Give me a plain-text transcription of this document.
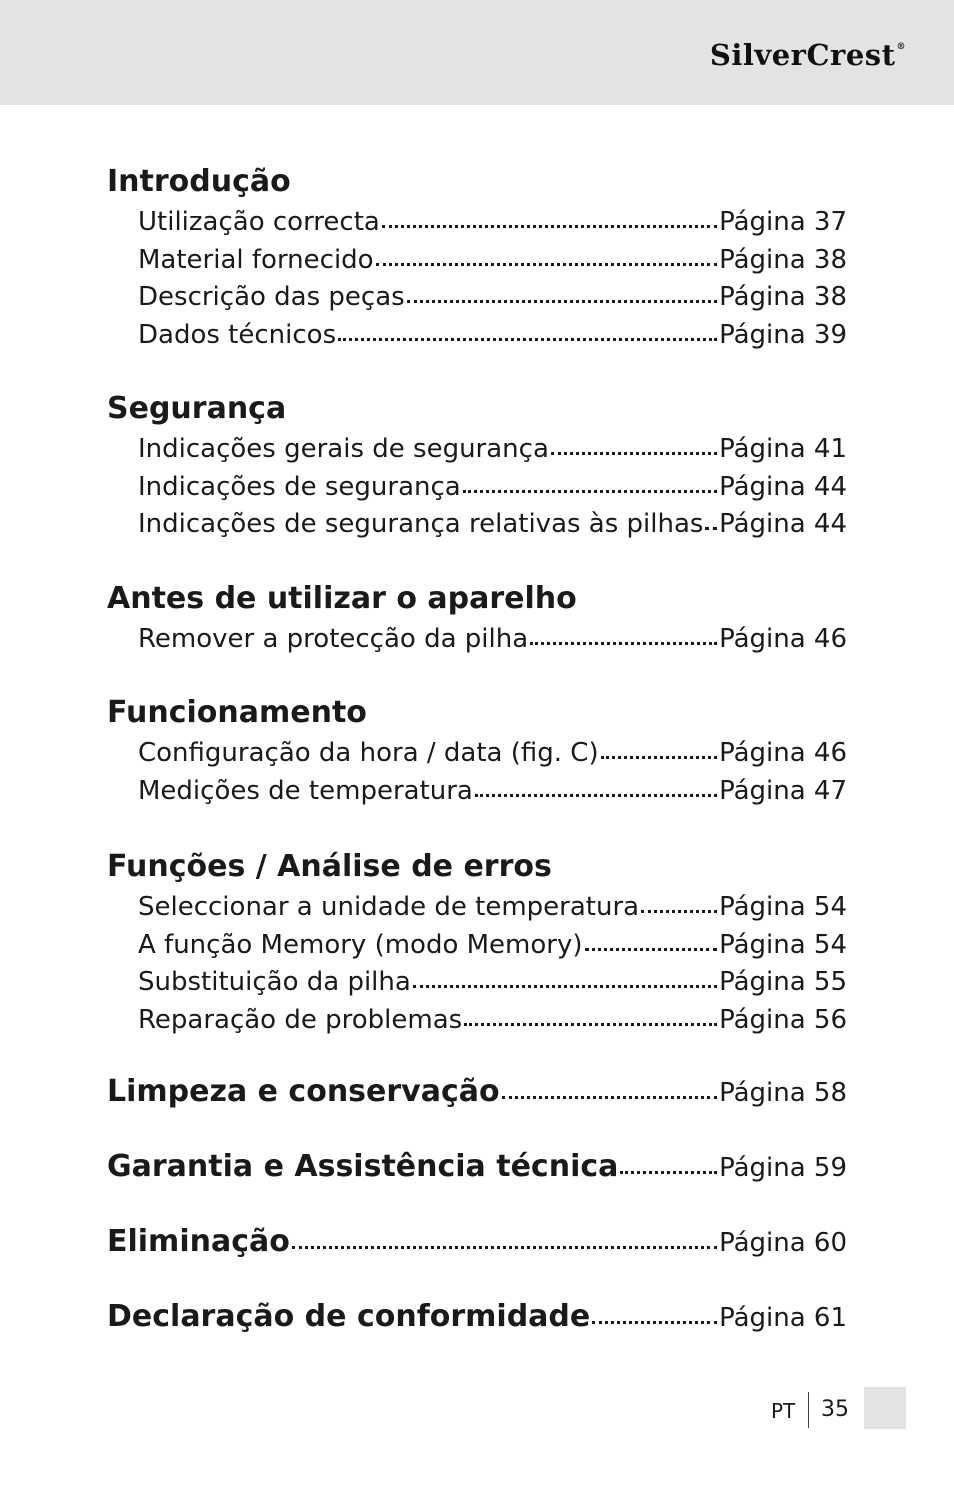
SilverCrest®
Introdução
Utilização correcta	Página 37
Material fornecido	Página 38
Descrição das peças	Página 38
Dados técnicos	Página 39
Segurança
Indicações gerais de segurança	Página 41
Indicações de segurança	Página 44
Indicações de segurança relativas às pilhas Página 44
Antes de utilizar o aparelho
Remover a protecção da pilha	Página 46
Funcionamento
Configuração da hora / data (fig. C)	Página 46
Medições de temperatura	Página 47
Funções / Análise de erros
Seleccionar a unidade de temperatura	Página 54
A função Memory (modo Memory)	Página 54
Substituição da pilha	Página 55
Reparação de problemas	Página 56
Limpeza e conservação	Página 58
Garantia e Assistência técnica	Página 59
Eliminação	Página 60
Declaração de conformidade	Página 61
PT 35
